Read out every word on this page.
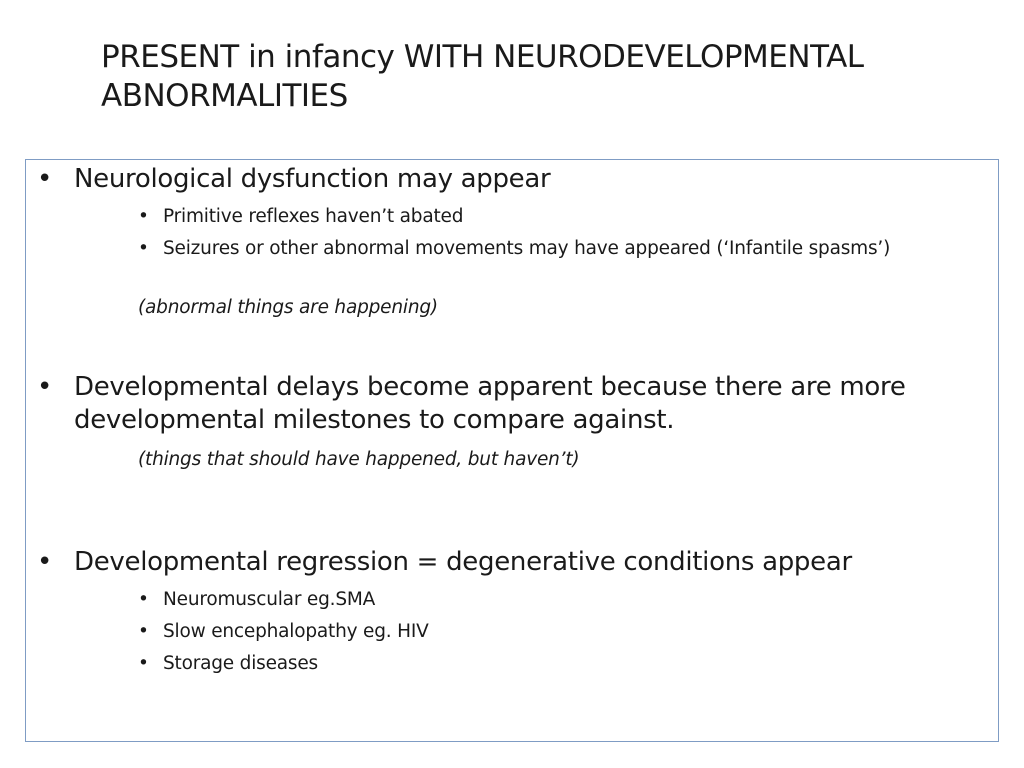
PRESENT in infancy WITH NEURODEVELOPMENTAL ABNORMALITIES
• Neurological dysfunction may appear
• Primitive reflexes haven’t abated
• Seizures or other abnormal movements may have appeared (‘Infantile spasms’)
(abnormal things are happening)
• Developmental delays become apparent because there are more developmental milestones to compare against.
(things that should have happened, but haven’t)
• Developmental regression = degenerative conditions appear
• Neuromuscular eg.SMA
• Slow encephalopathy eg. HIV
• Storage diseases
